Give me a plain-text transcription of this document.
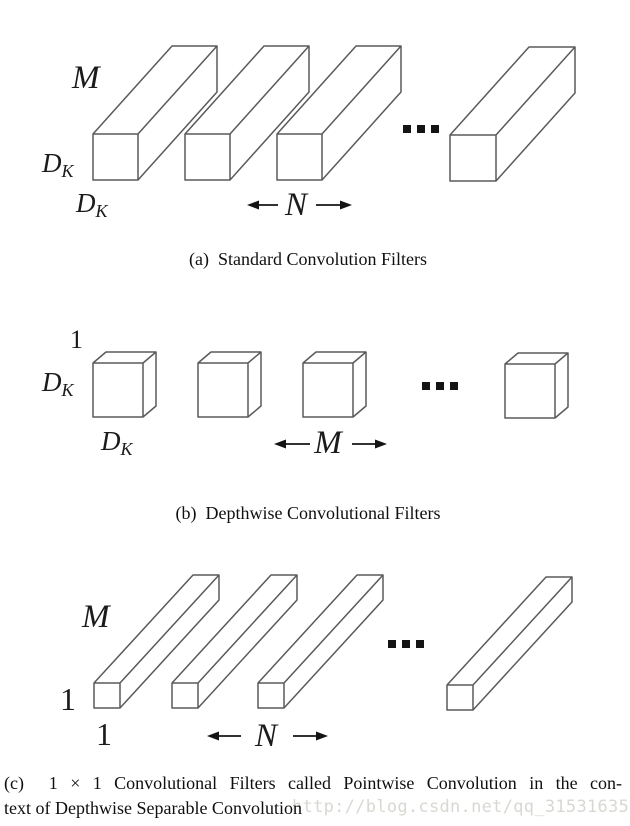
M
DK
DK	N
1
DK
DK	M
M
1
1	N
http://blog.csdn.net/qq_31531635
(a)  Standard Convolution Filters
(b)  Depthwise Convolutional Filters
(c)  1 × 1 Convolutional Filters called Pointwise Convolution in the con-
text of Depthwise Separable Convolution
